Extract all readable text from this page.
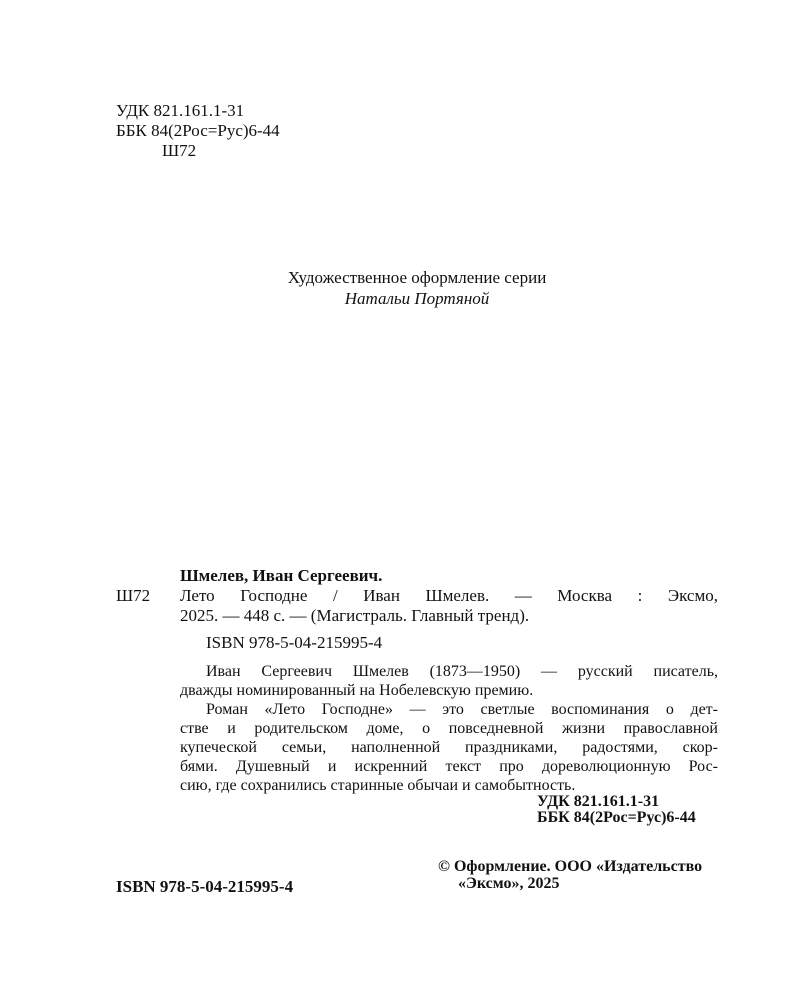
УДК 821.161.1-31
ББК 84(2Рос=Рус)6-44
Ш72
Художественное оформление серии
Натальи Портяной
Шмелев, Иван Сергеевич.
Ш72 Лето Господне / Иван Шмелев. — Москва : Эксмо,
2025. — 448 с. — (Магистраль. Главный тренд).
ISBN 978-5-04-215995-4
Иван Сергеевич Шмелев (1873—1950) — русский писатель,
дважды номинированный на Нобелевскую премию.
Роман «Лето Господне» — это светлые воспоминания о дет-
стве и родительском доме, о повседневной жизни православной
купеческой семьи, наполненной праздниками, радостями, скор-
бями. Душевный и искренний текст про дореволюционную Рос-
сию, где сохранились старинные обычаи и самобытность.
УДК 821.161.1-31
ББК 84(2Рос=Рус)6-44
ISBN 978-5-04-215995-4
© Оформление. ООО «Издательство
«Эксмо», 2025
